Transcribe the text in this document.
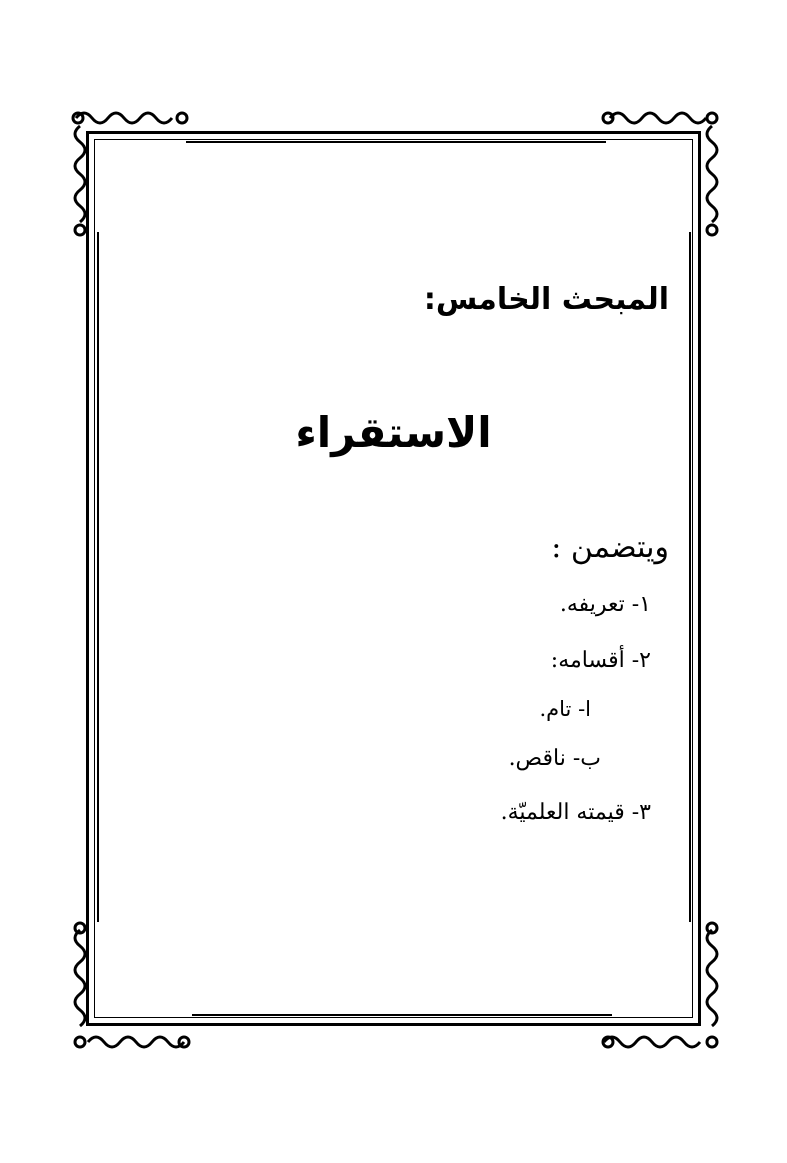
المبحث الخامس:
الاستقراء
ويتضمن :
١- تعريفه.
٢- أقسامه:
ا- تام.
ب- ناقص.
٣- قيمته العلميّة.
